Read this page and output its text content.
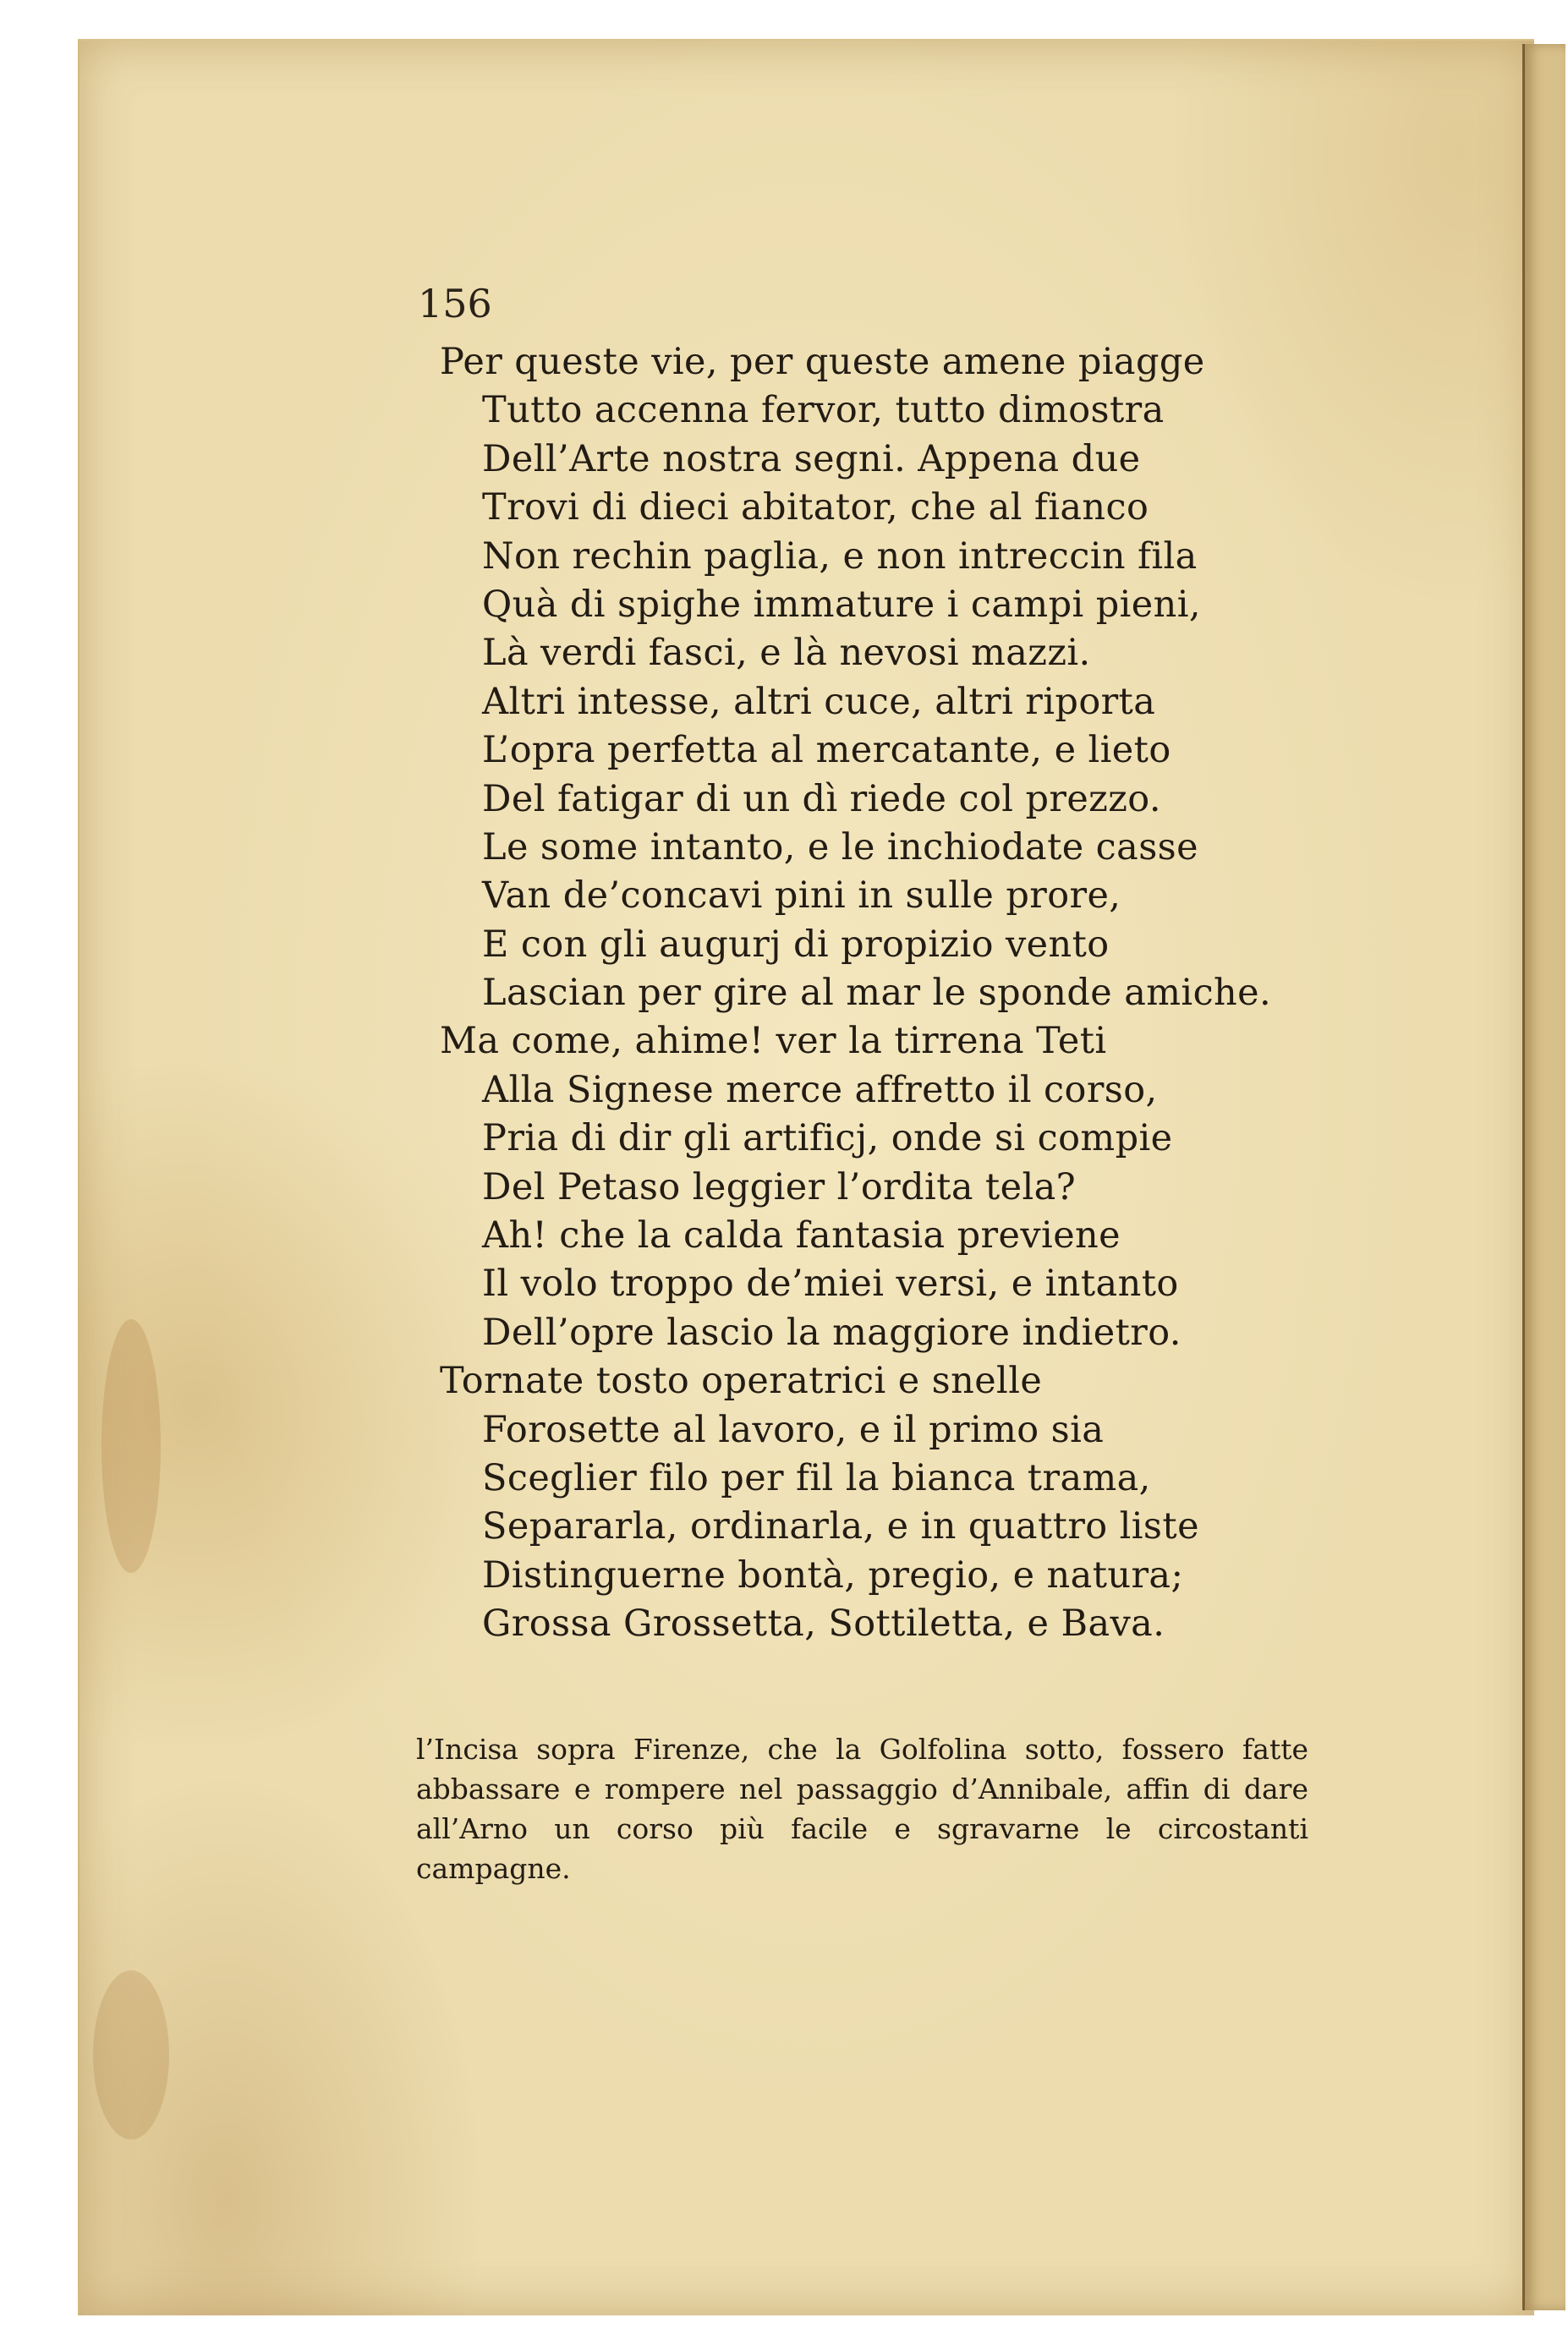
156

Per queste vie, per queste amene piagge
Tutto accenna fervor, tutto dimostra
Dell’Arte nostra segni. Appena due
Trovi di dieci abitator, che al fianco
Non rechin paglia, e non intreccin fila
Quà di spighe immature i campi pieni,
Là verdi fasci, e là nevosi mazzi.
Altri intesse, altri cuce, altri riporta
L’opra perfetta al mercatante, e lieto
Del fatigar di un dì riede col prezzo.
Le some intanto, e le inchiodate casse
Van de’concavi pini in sulle prore,
E con gli augurj di propizio vento
Lascian per gire al mar le sponde amiche.
Ma come, ahime! ver la tirrena Teti
Alla Signese merce affretto il corso,
Pria di dir gli artificj, onde si compie
Del Petaso leggier l’ordita tela?
Ah! che la calda fantasia previene
Il volo troppo de’miei versi, e intanto
Dell’opre lascio la maggiore indietro.
Tornate tosto operatrici e snelle
Forosette al lavoro, e il primo sia
Sceglier filo per fil la bianca trama,
Separarla, ordinarla, e in quattro liste
Distinguerne bontà, pregio, e natura;
Grossa Grossetta, Sottiletta, e Bava.

l’Incisa sopra Firenze, che la Golfolina sotto, fossero fatte abbassare e rompere nel passaggio d’Annibale, affin di dare all’Arno un corso più facile e sgravarne le circostanti campagne.
